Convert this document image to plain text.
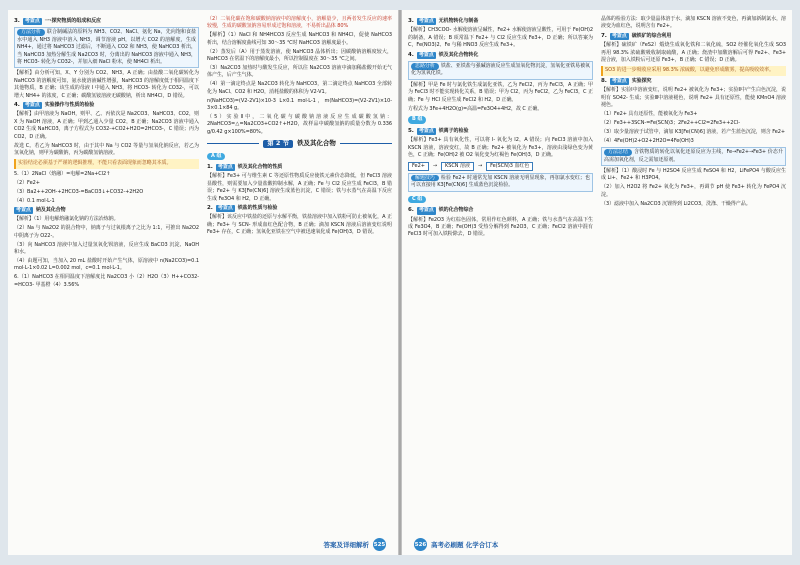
3.	考查点	一·探究物质的组成和反应
方法分析 联合制碱法的原料为 NH3、CO2、NaCl、氨化 Na，先向饱和食盐水中通入 NH3 溶液中溶入 NH3，调节溶液 pH，以增大 CO2 的溶解度，生成 NH4+，通过将 NaHCO3 过滤后，不断通入 CO2 和 NH3，使 NaHCO3 析出，当 NaHCO3 加热分解生成 Na2CO3 时，分离出的 NaHCO3 溶液中通入 NH3，将 HCO3- 转化为 CO32-，并加入细 NaCl 粉末，使 NH4Cl 析出。
【解析】由分析可知，X、Y 分别为 CO2、NH3，A 正确；由盐酸二氧化碳转化为 NaHCO3 的溶解度可知，氨水使溶液碱性增强，NaHCO3 的溶解度低于相同温度下其他物质，B 正确；该生成的母液 I 中通入 NH3，将 HCO3- 转化为 CO32-，可以增大 NH4+ 的浓度，C 正确；碳酸氢铵溶液无碳酸钠，析出 NH4Cl，D 错误。
4.	考查点	实验操作与性质的检验
【解析】由甲溶液为 NaOH，则甲、乙、丙依次是 Na2CO3、NaHCO3、CO2，则 X 为 NaOH 溶液，A 正确；甲到乙通入少量 CO2，B 正确；Na2CO3 溶液中通入 CO2 生成 NaHCO3，离子方程式为 CO32-+CO2+H2O=2HCO3-，C 错误；丙为 CO2，D 正确。
故选 C。若乙为 NaHCO3 时，由于其中 Na 与 CO2 等量与氢氧化钠反应，若乙为氢氧化钠，则甲为碳酸钠，丙为碳酸氢钠溶液。
实验结论必须基于严谨的逻辑推理，不能只看表面现象而忽略其本质。
5.（1）2NaCl（熔融）=电解=2Na+Cl2↑
（2）Fe2+
（3）Ba2++2OH-+2HCO3-=BaCO3↓+CO32-+2H2O
（4）0.1 mol·L-1
考查点	钠及其化合物
【解析】（1）用电解熔融氯化钠的方法冶炼钠。
（2）Na 与 Na2O2 的混合物中，钠离子与过氧根离子之比为 1:1，可推出 Na2O2 中阴离子为 O22-。
（3）向 NaHCO3 溶液中加入过量氢氧化钡溶液，反应生成 BaCO3 沉淀、NaOH 和水。
（4）由题可知，当加入 20 mL 盐酸时开始产生气体，原溶液中 n(Na2CO3)=0.1 mol·L-1×0.02 L=0.002 mol，c=0.1 mol·L-1。
6.（1）NaHCO3 在相同温度下溶解度比 Na2CO3 小（2）H2O（3）H++CO32-=HCO3- 甲基橙（4）3.56%
（2）二氧化碳在饱和碳酸钠溶液中的溶解度小，溶解量少，且两者发生反应的速率较慢，生成的碳酸氢钠容易形成过饱和溶液，不易析出晶体 80%
【解析】（1）NaCl 和 NH4HCO3 反应生成 NaHCO3 和 NH4Cl，促使 NaHCO3 析出，结合溶解度曲线可知 30～35 ℃时 NaHCO3 溶解度最小。
（2）蒸发后（A）用于蒸发溶液，使 NaHCO3 晶体析出；因碳酸钠溶解度较大，NaHCO3 在常温下的溶解度最小，所以控制温度在 30～35 ℃之间。
（3）Na2CO3 加热时与酸发生反应，所以往 Na2CO3 溶液中滴加稀盐酸开始无气体产生，后产生气体。
（4）第一滴定终点是 Na2CO3 转化为 NaHCO3，第二滴定终点 NaHCO3 全部转化为 NaCl、CO2 和 H2O，消耗盐酸的体积为 V2-V1。
n(NaHCO3)=(V2-2V1)×10-3 L×0.1 mol·L-1，m(NaHCO3)=(V2-2V1)×10-3×0.1×84 g。
（5）实验Ⅱ中，二氧化碳与碳酸钠溶液反应生成碳酸氢钠：2NaHCO3=△=Na2CO3+CO2↑+H2O，故样品中碳酸氢钠的质量分数为 0.336 g/0.42 g×100%=80%。
第 2 节	铁及其化合物
A 组
1.	考查点	铁及其化合物的性质
【解析】Fe3+ 可与维生素 C 等还原性物质反应使铁元素价态降低，但 FeCl3 溶液显酸性，则需要加入少量盐酸抑制水解，A 正确；Fe 与 Cl2 反应生成 FeCl3，B 错误；Fe2+ 与 K3[Fe(CN)6] 溶液生成蓝色沉淀，C 错误；铁与水蒸气在高温下反应生成 Fe3O4 和 H2，D 正确。
2.	考查点	铁盐的性质与检验
【解析】该反应中铁盐的还原与水解平衡，铁盐溶液中加入铁粉可防止被氧化，A 正确；Fe3+ 与 SCN- 形成血红色配合物，B 正确；滴加 KSCN 溶液后溶液变红说明 Fe3+ 存在，C 正确；氢氧化亚铁在空气中被迅速氧化成 Fe(OH)3，D 错误。
答案及详细解析 525
3.	考查点	无机物转化与制备
【解析】CH3COO- 水解使溶液呈碱性，Fe2+ 水解使溶液呈酸性，可用于 Fe(OH)2 的制备，A 错误；B 项常温下 Fe2+ 与 Cl2 反应生成 Fe3+，D 正确；所以答案为 C，Fe(NO3)2、Fe 与稀 HNO3 反应生成 Fe3+。
4.	考查点	铁及其化合物转化
思路分析 铁盐、亚铁盐与强碱溶液反应生成氢氧化物沉淀，氢氧化亚铁易被氧化为氢氧化铁。
【解析】甲是 Fe 时与氯化铁生成氯化亚铁，乙为 FeCl2，丙为 FeCl3，A 正确；甲为 FeCl3 时不能实现转化关系，B 错误；甲为 Cl2，丙为 FeCl2，乙为 FeCl3，C 正确；Fe 与 HCl 反应生成 FeCl2 和 H2，D 正确。
方程式为 3Fe+4H2O(g)=高温=Fe3O4+4H2，故 C 正确。
B 组
5.	考查点	铁离子的检验
【解析】Fe3+ 具有氧化性，可以将 I- 氧化为 I2，A 错误；向 FeCl3 溶液中加入 KSCN 溶液，溶液变红，故 B 正确；Fe2+ 被氧化为 Fe3+，溶液由浅绿色变为黄色，C 正确；Fe(OH)2 被 O2 氧化变为红褐色 Fe(OH)3，D 正确。
Fe2+	→	KSCN 溶液	→	Fe(SCN)3 血红色
解题技巧 检验 Fe2+ 时通常先加 KSCN 溶液无明显现象，再加氯水变红；也可以直接用 K3[Fe(CN)6] 生成蓝色沉淀检验。
C 组
6.	考查点	铁的化合物综合
【解析】Fe2O3 为红棕色固体，常用作红色颜料，A 正确；铁与水蒸气在高温下生成 Fe3O4，B 正确；Fe(OH)3 受热分解得到 Fe2O3，C 正确；FeCl2 溶液中混有 FeCl3 时可加入铁粉除去，D 错误。
晶体的检验方法：取少量晶体溶于水，滴加 KSCN 溶液不变色，再滴加新制氯水，溶液变为血红色，说明含有 Fe2+。
7.	考查点	硫铁矿的综合利用
【解析】硫铁矿（FeS2）煅烧生成氧化铁和二氧化硫，SO2 经催化氧化生成 SO3 再用 98.3% 浓硫酸吸收制取硫酸，A 正确；烧渣中加酸溶解后可得 Fe2+、Fe3+ 混合液，加入铁粉后可还原 Fe3+，B 正确；C 错误；D 正确。
SO3 的进一步吸收应采用 98.3% 浓硫酸，以避免形成酸雾，提高吸收效率。
8.	考查点	实验探究
【解析】实验Ⅰ中溶液变红，说明 Fe2+ 被氧化为 Fe3+；实验Ⅱ中产生白色沉淀，说明有 SO42- 生成；实验Ⅲ中溶液褪色，说明 Fe2+ 具有还原性，能使 KMnO4 溶液褪色。
（1）Fe2+ 具有还原性，能被氧化为 Fe3+
（2）Fe3++3SCN-=Fe(SCN)3；2Fe2++Cl2=2Fe3++2Cl-
（3）取少量溶液于试管中，滴加 K3[Fe(CN)6] 溶液，若产生蓝色沉淀，则含 Fe2+
（4）4Fe(OH)2+O2+2H2O=4Fe(OH)3
方法总结 含铁物质的转化以氧化还原反应为主线，Fe→Fe2+→Fe3+ 价态升高需加氧化剂，反之需加还原剂。
【解析】（1）酸浸时 Fe 与 H2SO4 反应生成 FeSO4 和 H2，LiFePO4 与酸反应生成 Li+、Fe2+ 和 H3PO4。
（2）加入 H2O2 将 Fe2+ 氧化为 Fe3+，再调节 pH 使 Fe3+ 转化为 FePO4 沉淀。
（3）滤液中加入 Na2CO3 沉锂得到 Li2CO3，洗涤、干燥得产品。
526 高考必刷题 化学合订本
